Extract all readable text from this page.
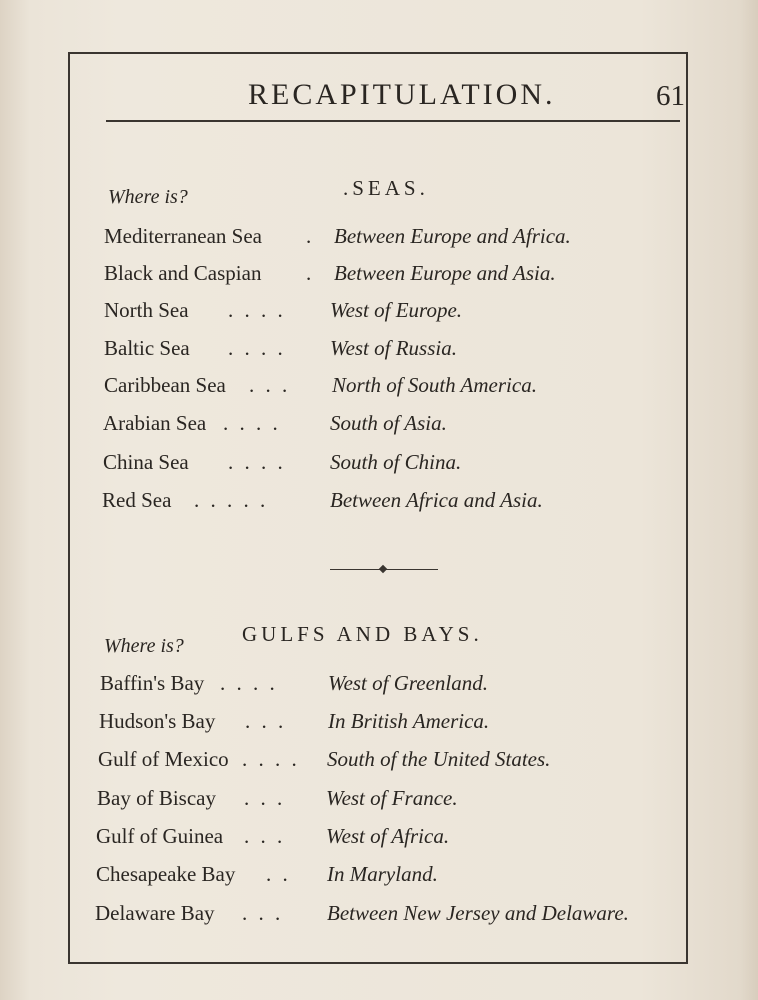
RECAPITULATION.	61
Where is?	.SEAS.
Mediterranean Sea . Between Europe and Africa.
Black and Caspian . Between Europe and Asia.
North Sea . . . . West of Europe.
Baltic Sea . . . . West of Russia.
Caribbean Sea . . . North of South America.
Arabian Sea . . . . South of Asia.
China Sea . . . . South of China.
Red Sea . . . . .	Between Africa and Asia.
Where is?	GULFS AND BAYS.
Baffin's Bay . . . . West of Greenland.
Hudson's Bay . . . In British America.
Gulf of Mexico . . . . South of the United States.
Bay of Biscay . . . West of France.
Gulf of Guinea . . . West of Africa.
Chesapeake Bay . . In Maryland.
Delaware Bay . . . Between New Jersey and Delaware.
